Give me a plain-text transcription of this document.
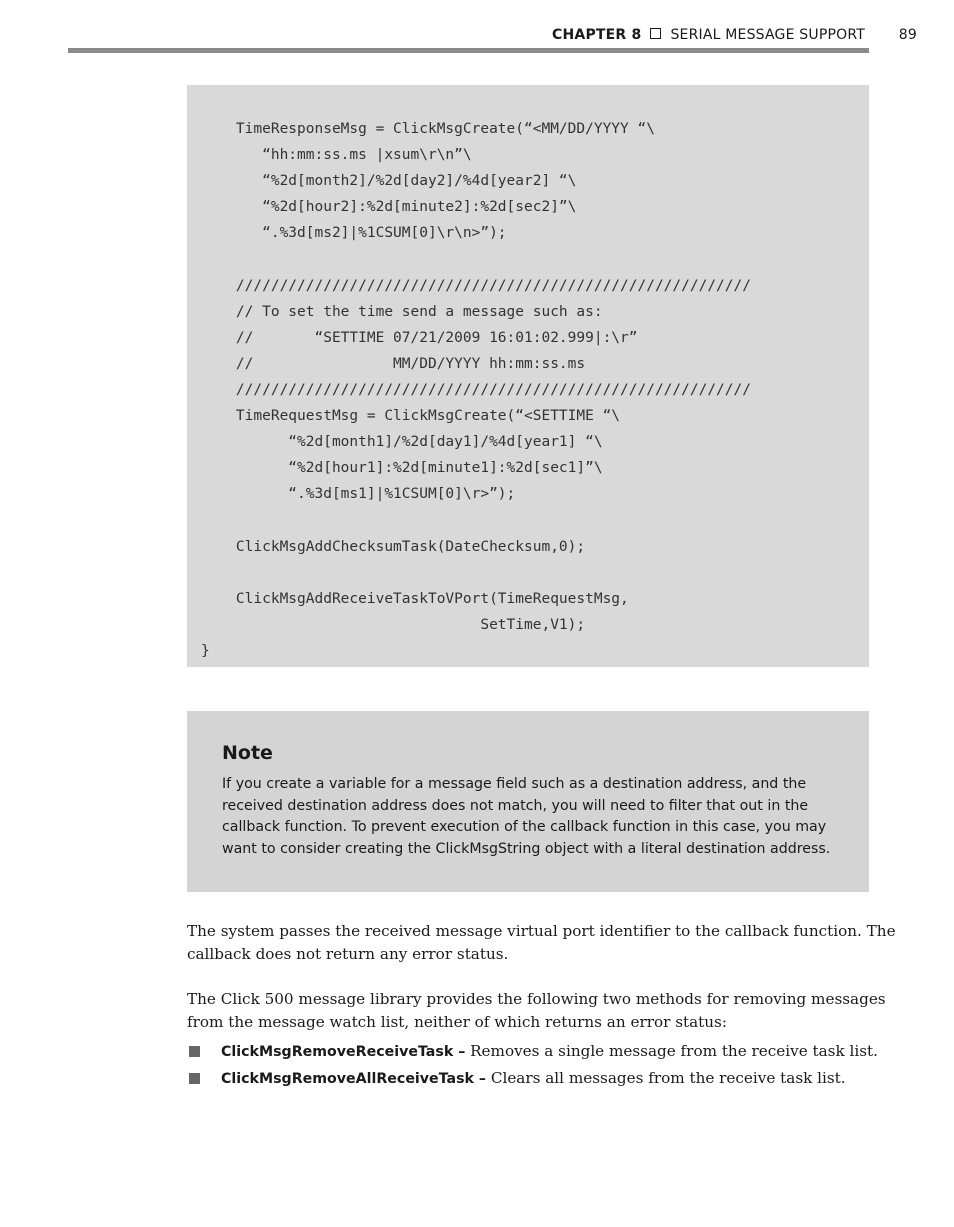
CHAPTER 8 SERIAL MESSAGE SUPPORT 89
TimeResponseMsg = ClickMsgCreate(“<MM/DD/YYYY “\
“hh:mm:ss.ms |xsum\r\n”\
“%2d[month2]/%2d[day2]/%4d[year2] “\
“%2d[hour2]:%2d[minute2]:%2d[sec2]”\
“.%3d[ms2]|%1CSUM[0]\r\n>”);

///////////////////////////////////////////////////////////
// To set the time send a message such as:
//       “SETTIME 07/21/2009 16:01:02.999|:\r”
//                MM/DD/YYYY hh:mm:ss.ms
///////////////////////////////////////////////////////////
TimeRequestMsg = ClickMsgCreate(“<SETTIME “\
“%2d[month1]/%2d[day1]/%4d[year1] “\
“%2d[hour1]:%2d[minute1]:%2d[sec1]”\
“.%3d[ms1]|%1CSUM[0]\r>”);

ClickMsgAddChecksumTask(DateChecksum,0);

ClickMsgAddReceiveTaskToVPort(TimeRequestMsg,
SetTime,V1);
}
Note
If you create a variable for a message field such as a destination address, and the
received destination address does not match, you will need to filter that out in the
callback function. To prevent execution of the callback function in this case, you may
want to consider creating the ClickMsgString object with a literal destination address.
The system passes the received message virtual port identifier to the callback function. The
callback does not return any error status.
The Click 500 message library provides the following two methods for removing messages
from the message watch list, neither of which returns an error status:
ClickMsgRemoveReceiveTask – Removes a single message from the receive task list.
ClickMsgRemoveAllReceiveTask – Clears all messages from the receive task list.
